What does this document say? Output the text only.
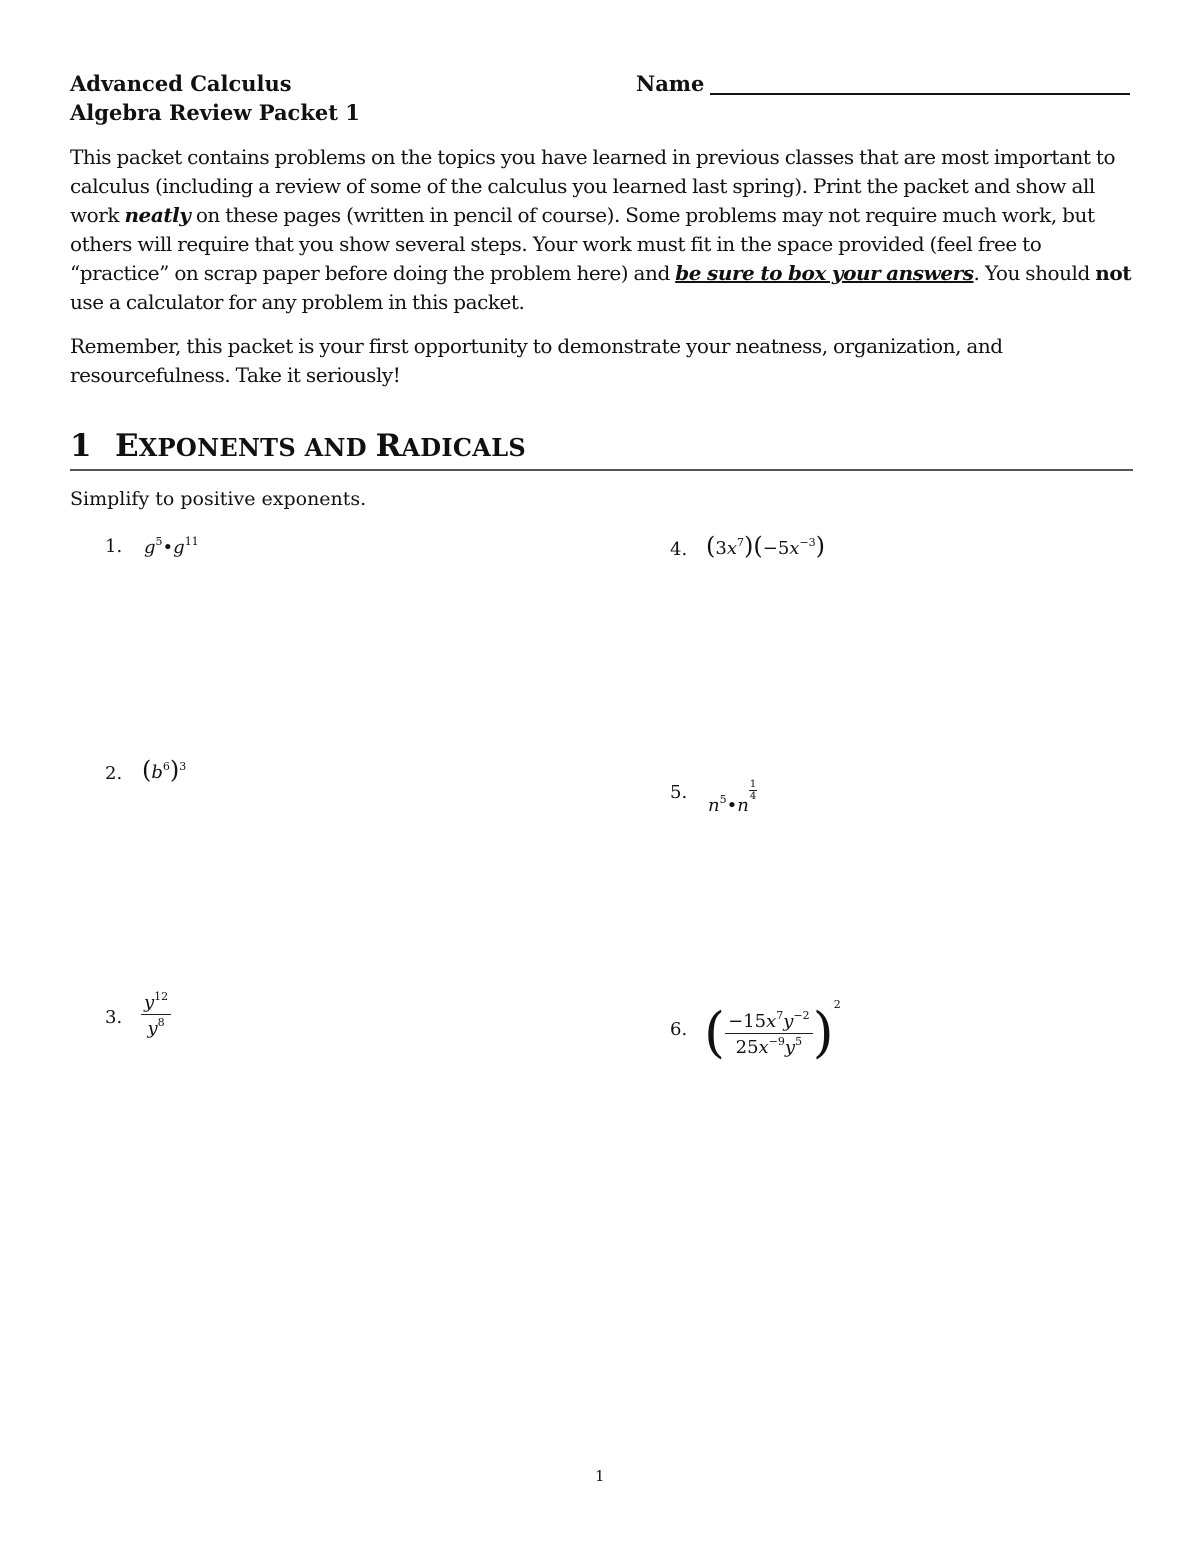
Advanced Calculus
Algebra Review Packet 1
Name
This packet contains problems on the topics you have learned in previous classes that are most important to calculus (including a review of some of the calculus you learned last spring). Print the packet and show all work neatly on these pages (written in pencil of course). Some problems may not require much work, but others will require that you show several steps. Your work must fit in the space provided (feel free to “practice” on scrap paper before doing the problem here) and be sure to box your answers. You should not use a calculator for any problem in this packet.
Remember, this packet is your first opportunity to demonstrate your neatness, organization, and resourcefulness. Take it seriously!
1 EXPONENTS AND RADICALS
Simplify to positive exponents.
1. $g^5•g^{11}$
2. $(b^6)^3$
3. $\frac{y^{12}}{y^8}$
4. $(3x^7)(-5x^{-3})$
5.
$n^5•n$
$\frac{1}{4}$
6. ( $\frac{-15x^7y^{-2}}{25x^{-9}y^5} )^2$
1
